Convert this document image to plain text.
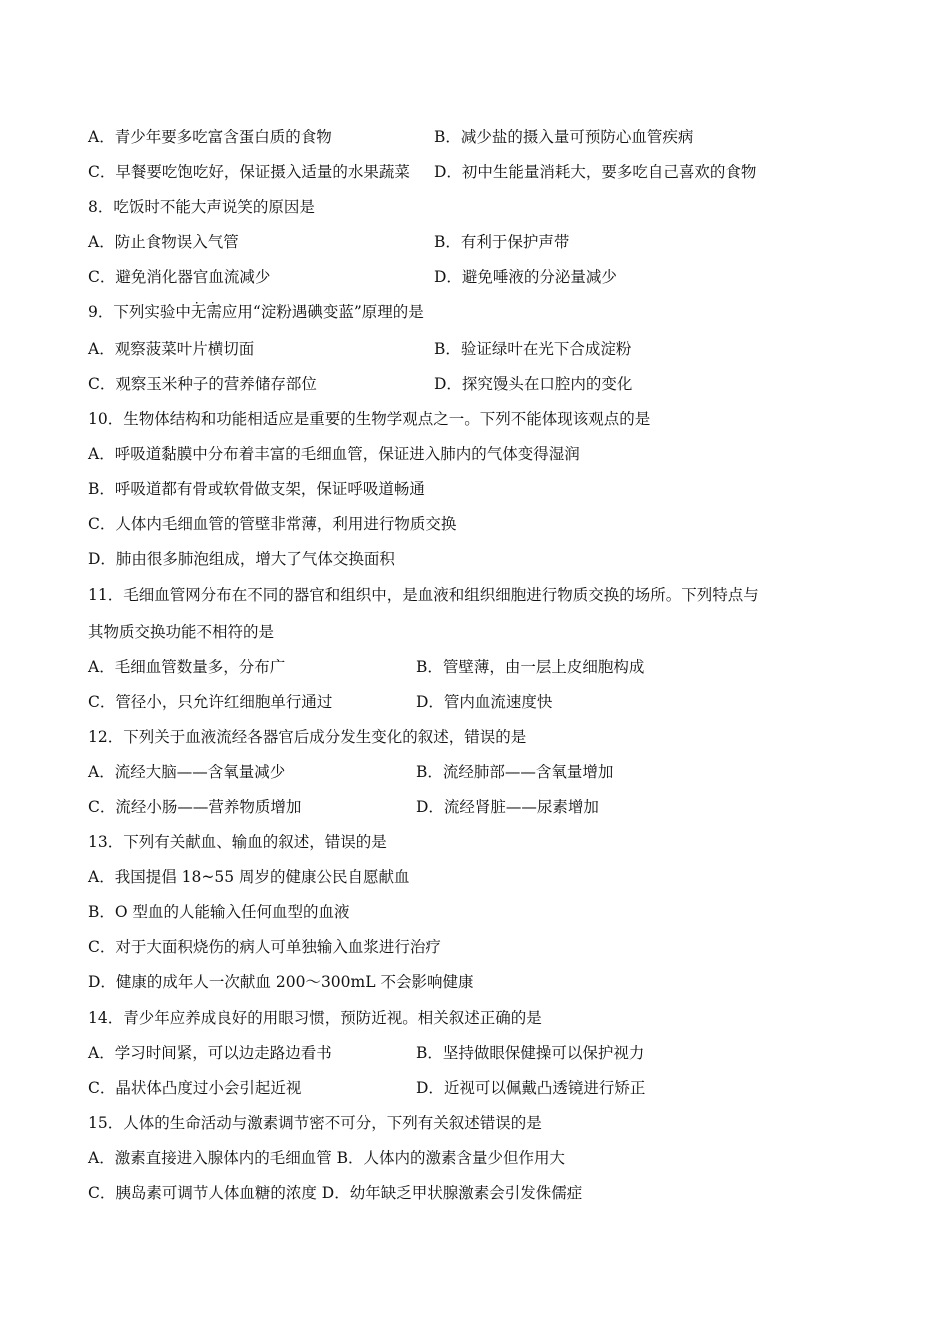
A．青少年要多吃富含蛋白质的食物	B．减少盐的摄入量可预防心血管疾病
C．早餐要吃饱吃好，保证摄入适量的水果蔬菜 D．初中生能量消耗大，要多吃自己喜欢的食物
8．吃饭时不能大声说笑的原因是
A．防止食物误入气管	B．有利于保护声带
C．避免消化器官血流减少	D．避免唾液的分泌量减少
9．下列实验中
． ．
无需应用“淀粉遇碘变蓝”原理的是
A．观察菠菜叶片横切面	B．验证绿叶在光下合成淀粉
C．观察玉米种子的营养储存部位	D．探究馒头在口腔内的变化
10．生物体结构和功能相适应是重要的生物学观点之一。下列不能体现该观点的是
A．呼吸道黏膜中分布着丰富的毛细血管，保证进入肺内的气体变得湿润
B．呼吸道都有骨或软骨做支架，保证呼吸道畅通
C．人体内毛细血管的管壁非常薄，利用进行物质交换
D．肺由很多肺泡组成，增大了气体交换面积
11．毛细血管网分布在不同的器官和组织中，是血液和组织细胞进行物质交换的场所。下列特点与
其物质交换功能不相符的是
A．毛细血管数量多，分布广	B．管壁薄，由一层上皮细胞构成
C．管径小，只允许红细胞单行通过	D．管内血流速度快
12．下列关于血液流经各器官后成分发生变化的叙述，错误的是
A．流经大脑——含氧量减少	B．流经肺部——含氧量增加
C．流经小肠——营养物质增加	D．流经肾脏——尿素增加
13．下列有关献血、输血的叙述，错误的是
A．我国提倡 18~55 周岁的健康公民自愿献血
B．O 型血的人能输入任何血型的血液
C．对于大面积烧伤的病人可单独输入血浆进行治疗
D．健康的成年人一次献血 200～300mL 不会影响健康
14．青少年应养成良好的用眼习惯，预防近视。相关叙述正确的是
A．学习时间紧，可以边走路边看书	B．坚持做眼保健操可以保护视力
C．晶状体凸度过小会引起近视	D．近视可以佩戴凸透镜进行矫正
15．人体的生命活动与激素调节密不可分，下列有关叙述错误的是
A．激素直接进入腺体内的毛细血管 B．人体内的激素含量少但作用大
C．胰岛素可调节人体血糖的浓度 D．幼年缺乏甲状腺激素会引发侏儒症
